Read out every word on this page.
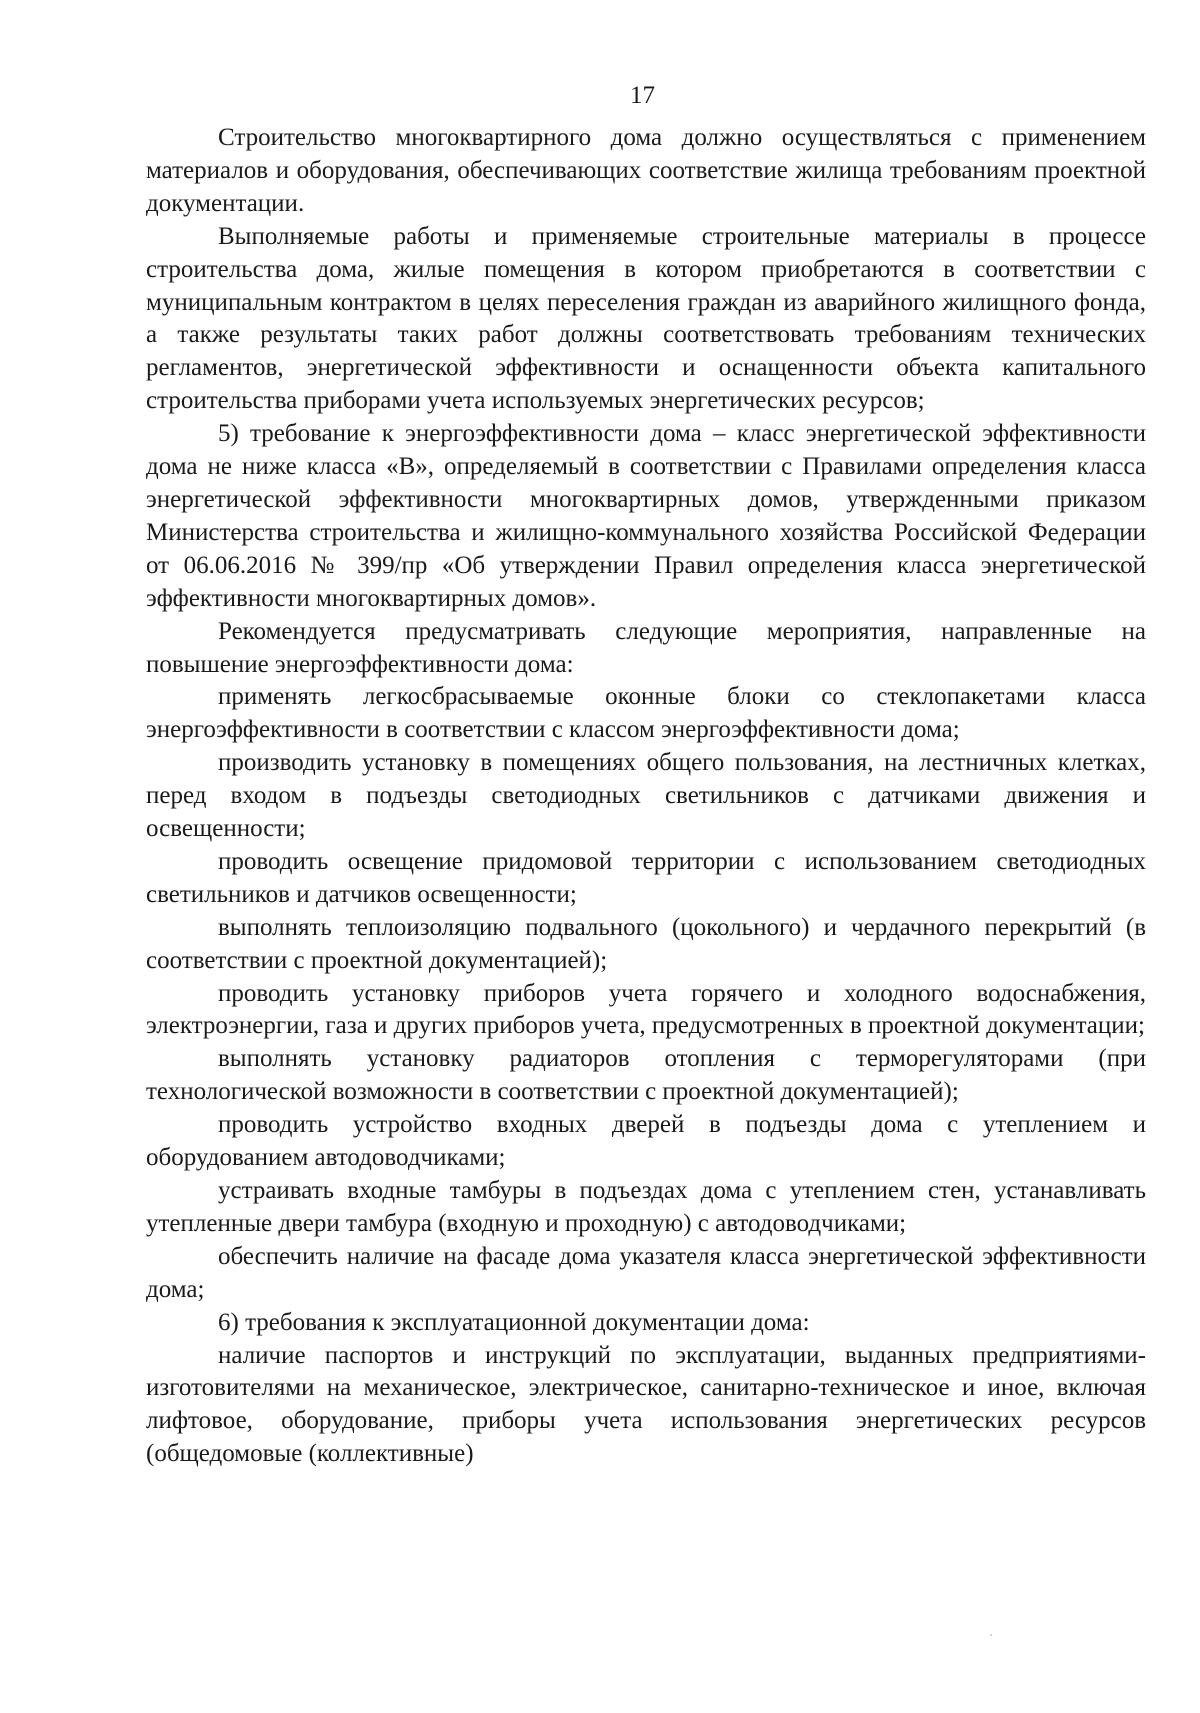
17

Строительство многоквартирного дома должно осуществляться с применением материалов и оборудования, обеспечивающих соответствие жилища требованиям проектной документации.

Выполняемые работы и применяемые строительные материалы в процессе строительства дома, жилые помещения в котором приобретаются в соответствии с муниципальным контрактом в целях переселения граждан из аварийного жилищного фонда, а также результаты таких работ должны соответствовать требованиям технических регламентов, энергетической эффективности и оснащенности объекта капитального строительства приборами учета используемых энергетических ресурсов;

5) требование к энергоэффективности дома – класс энергетической эффективности дома не ниже класса «В», определяемый в соответствии с Правилами определения класса энергетической эффективности многоквартирных домов, утвержденными приказом Министерства строительства и жилищно-коммунального хозяйства Российской Федерации от 06.06.2016 № 399/пр «Об утверждении Правил определения класса энергетической эффективности многоквартирных домов».

Рекомендуется предусматривать следующие мероприятия, направленные на повышение энергоэффективности дома:

применять легкосбрасываемые оконные блоки со стеклопакетами класса энергоэффективности в соответствии с классом энергоэффективности дома;

производить установку в помещениях общего пользования, на лестничных клетках, перед входом в подъезды светодиодных светильников с датчиками движения и освещенности;

проводить освещение придомовой территории с использованием светодиодных светильников и датчиков освещенности;

выполнять теплоизоляцию подвального (цокольного) и чердачного перекрытий (в соответствии с проектной документацией);

проводить установку приборов учета горячего и холодного водоснабжения, электроэнергии, газа и других приборов учета, предусмотренных в проектной документации;

выполнять установку радиаторов отопления с терморегуляторами (при технологической возможности в соответствии с проектной документацией);

проводить устройство входных дверей в подъезды дома с утеплением и оборудованием автодоводчиками;

устраивать входные тамбуры в подъездах дома с утеплением стен, устанавливать утепленные двери тамбура (входную и проходную) с автодоводчиками;

обеспечить наличие на фасаде дома указателя класса энергетической эффективности дома;

6) требования к эксплуатационной документации дома:

наличие паспортов и инструкций по эксплуатации, выданных предприятиями-изготовителями на механическое, электрическое, санитарно-техническое и иное, включая лифтовое, оборудование, приборы учета использования энергетических ресурсов (общедомовые (коллективные)
